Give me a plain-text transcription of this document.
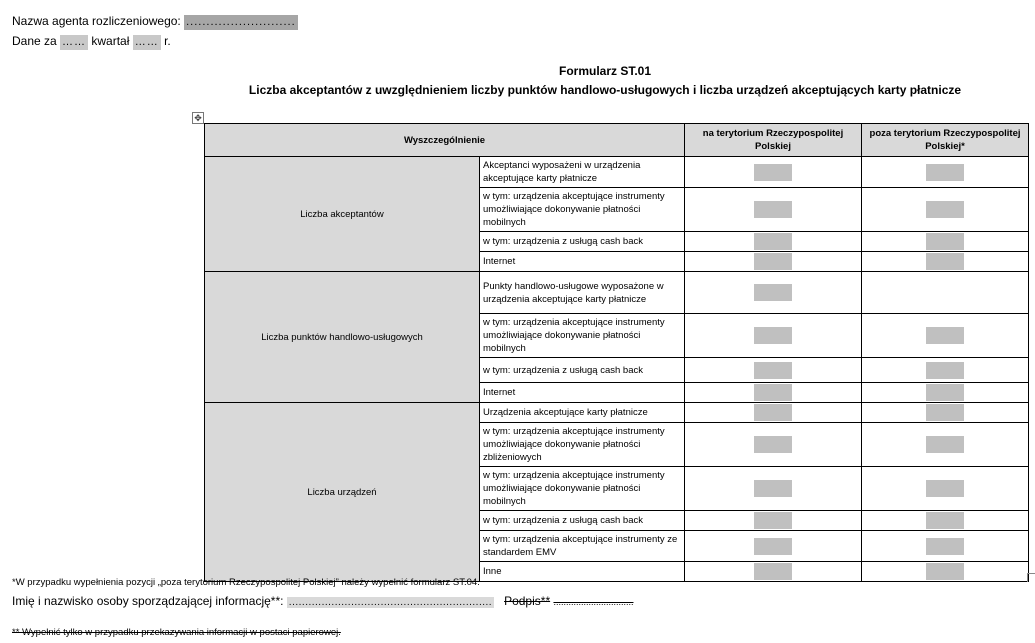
Nazwa agenta rozliczeniowego: ...........................
Dane za …… kwartał …… r.
Formularz ST.01
Liczba akceptantów z uwzględnieniem liczby punktów handlowo-usługowych i liczba urządzeń akceptujących karty płatnicze
✥
Wyszczególnienie		na terytorium Rzeczypospolitej Polskiej	poza terytorium Rzeczypospolitej Polskiej*
Liczba akceptantów	Akceptanci wyposażeni w urządzenia akceptujące karty płatnicze		
	w tym: urządzenia akceptujące instrumenty umożliwiające dokonywanie płatności mobilnych		
	w tym: urządzenia z usługą cash back		
	Internet		
Liczba punktów handlowo-usługowych	Punkty handlowo-usługowe wyposażone w urządzenia akceptujące karty płatnicze		
	w tym: urządzenia akceptujące instrumenty umożliwiające dokonywanie płatności mobilnych		
	w tym: urządzenia z usługą cash back		
	Internet		
Liczba urządzeń	Urządzenia akceptujące karty płatnicze		
	w tym: urządzenia akceptujące instrumenty umożliwiające dokonywanie płatności zbliżeniowych		
	w tym: urządzenia akceptujące instrumenty umożliwiające dokonywanie płatności mobilnych		
	w tym: urządzenia z usługą cash back		
	w tym: urządzenia akceptujące instrumenty ze standardem EMV		
	Inne		
*W przypadku wypełnienia pozycji „poza terytorium Rzeczypospolitej Polskiej” należy wypełnić formularz ST.04.
Imię i nazwisko osoby sporządzającej informację**: .............................................................. Podpis** ................................
** Wypełnić tylko w przypadku przekazywania informacji w postaci papierowej.
